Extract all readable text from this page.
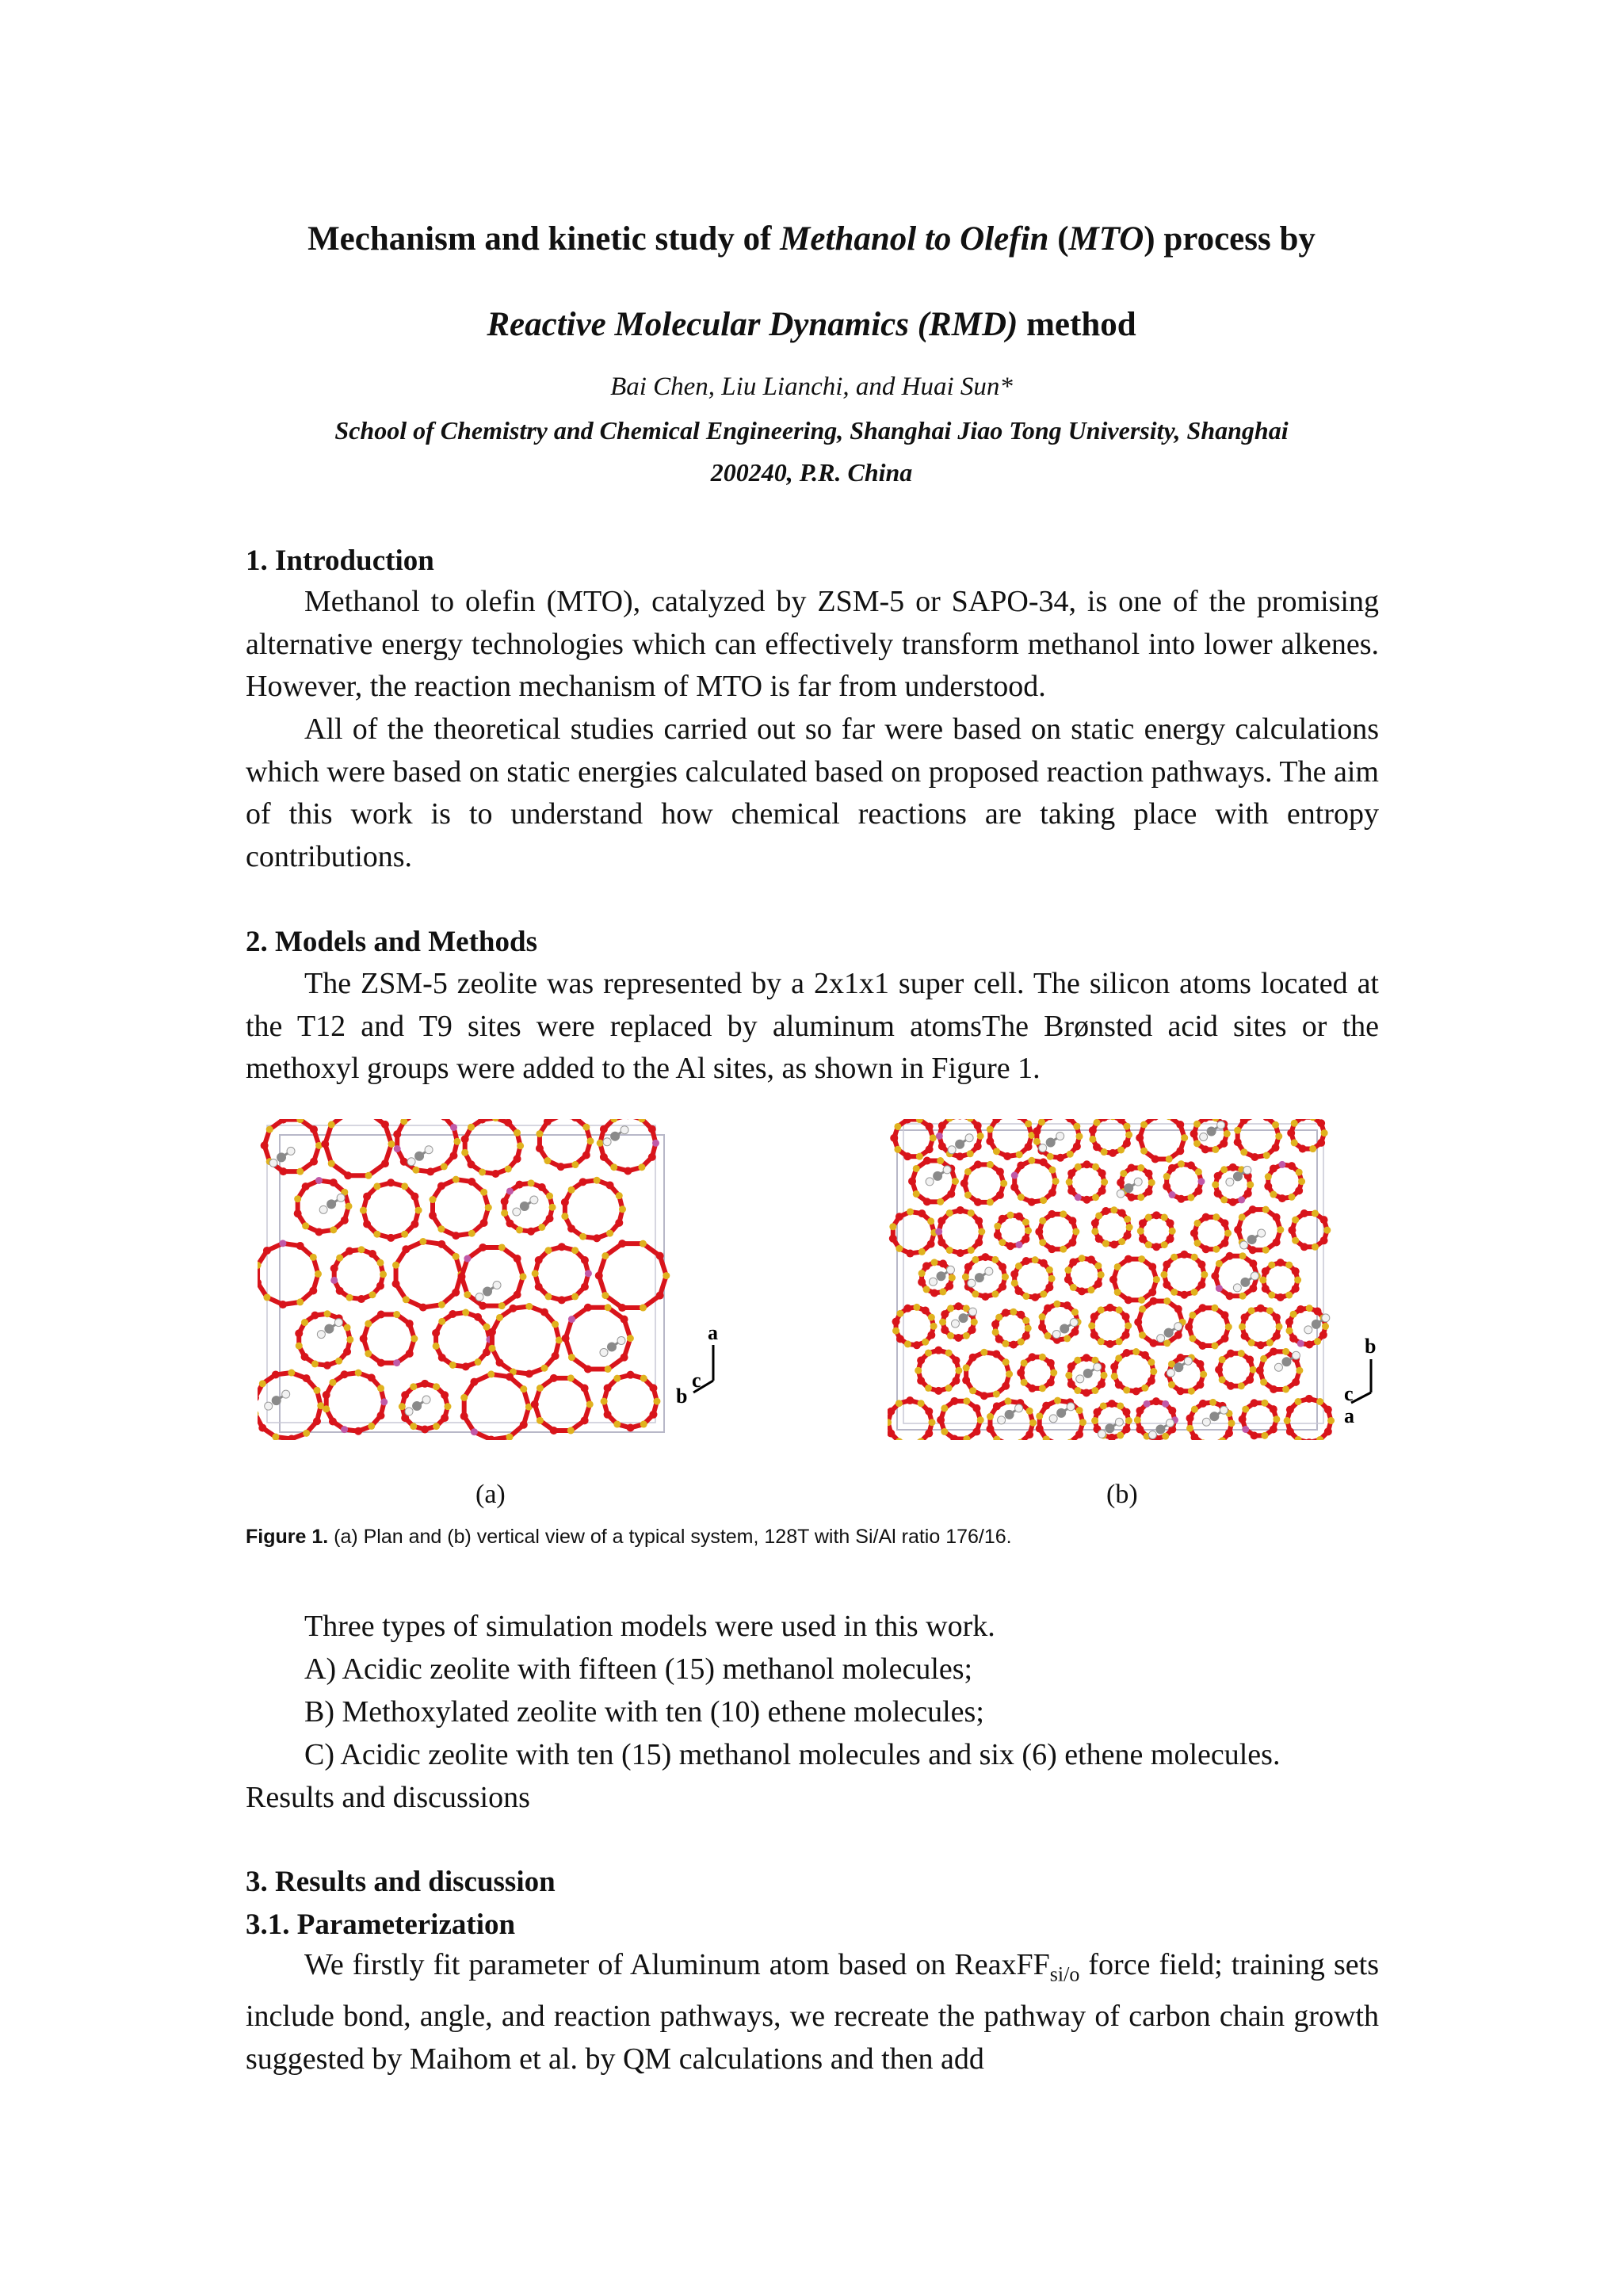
Mechanism and kinetic study of Methanol to Olefin (MTO) process by
Reactive Molecular Dynamics (RMD) method
Bai Chen, Liu Lianchi, and Huai Sun*
School of Chemistry and Chemical Engineering, Shanghai Jiao Tong University, Shanghai
200240, P.R. China
1. Introduction
Methanol to olefin (MTO), catalyzed by ZSM-5 or SAPO-34, is one of the promising alternative energy technologies which can effectively transform methanol into lower alkenes. However, the reaction mechanism of MTO is far from understood.
All of the theoretical studies carried out so far were based on static energy calculations which were based on static energies calculated based on proposed reaction pathways. The aim of this work is to understand how chemical reactions are taking place with entropy contributions.
2. Models and Methods
The ZSM-5 zeolite was represented by a 2x1x1 super cell. The silicon atoms located at the T12 and T9 sites were replaced by aluminum atomsThe Brønsted acid sites or the methoxyl groups were added to the Al sites, as shown in Figure 1.
a
c
b
b
c
a
(a)	(b)
Figure 1. (a) Plan and (b) vertical view of a typical system, 128T with Si/Al ratio 176/16.
Three types of simulation models were used in this work.
A) Acidic zeolite with fifteen (15) methanol molecules;
B) Methoxylated zeolite with ten (10) ethene molecules;
C) Acidic zeolite with ten (15) methanol molecules and six (6) ethene molecules.
Results and discussions
3. Results and discussion
3.1. Parameterization
We firstly fit parameter of Aluminum atom based on ReaxFF$_{si/o}$ force field; training sets include bond, angle, and reaction pathways, we recreate the pathway of carbon chain growth suggested by Maihom et al. by QM calculations and then add
